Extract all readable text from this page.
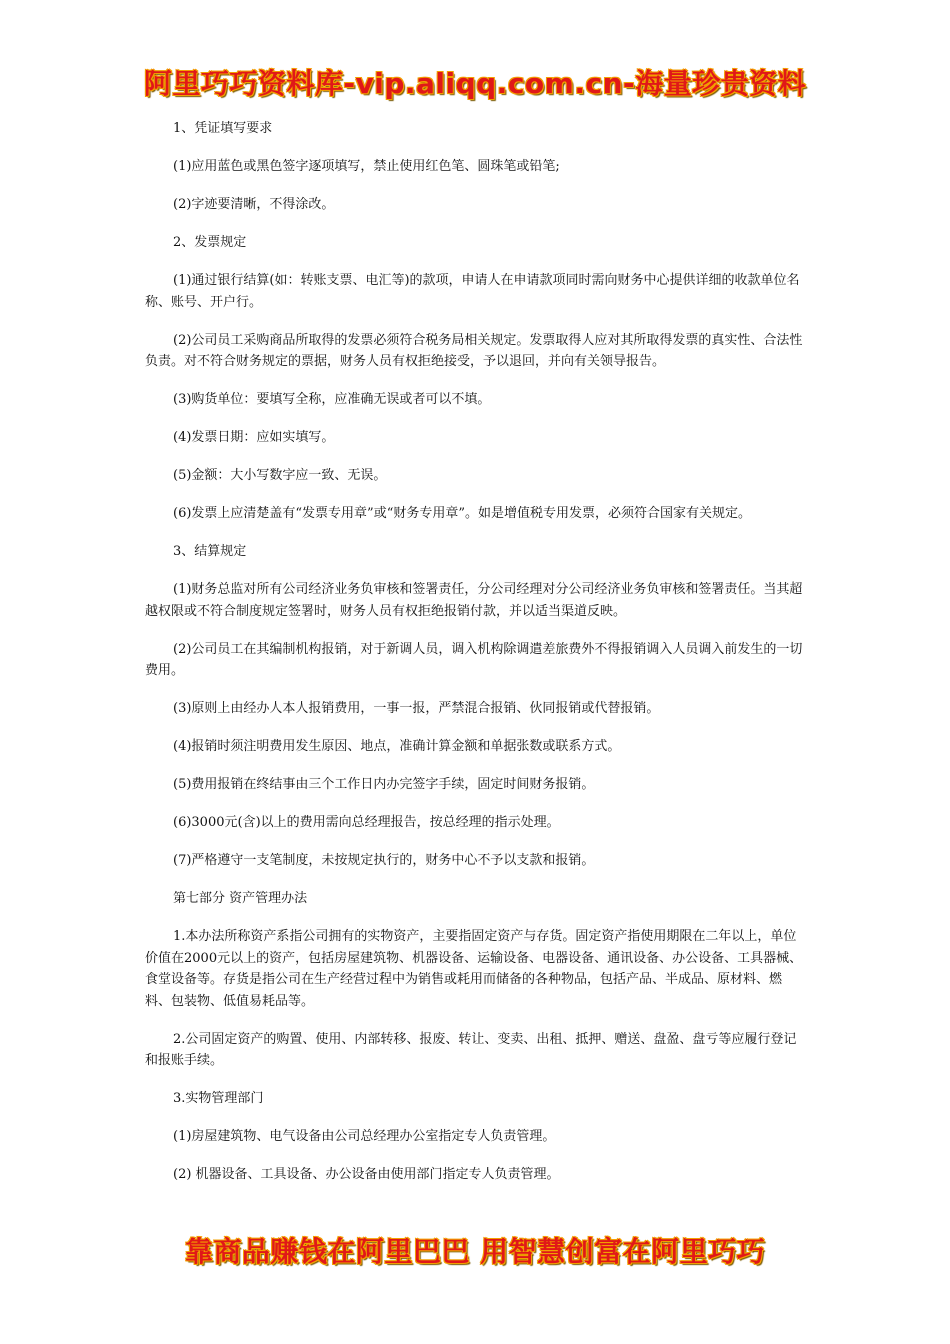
阿里巧巧资料库-vip.aliqq.com.cn-海量珍贵资料

1、凭证填写要求

(1)应用蓝色或黑色签字逐项填写，禁止使用红色笔、圆珠笔或铅笔;

(2)字迹要清晰，不得涂改。

2、发票规定

(1)通过银行结算(如：转账支票、电汇等)的款项，申请人在申请款项同时需向财务中心提供详细的收款单位名称、账号、开户行。

(2)公司员工采购商品所取得的发票必须符合税务局相关规定。发票取得人应对其所取得发票的真实性、合法性负责。对不符合财务规定的票据，财务人员有权拒绝接受，予以退回，并向有关领导报告。

(3)购货单位：要填写全称，应准确无误或者可以不填。

(4)发票日期：应如实填写。

(5)金额：大小写数字应一致、无误。

(6)发票上应清楚盖有“发票专用章”或“财务专用章”。如是增值税专用发票，必须符合国家有关规定。

3、结算规定

(1)财务总监对所有公司经济业务负审核和签署责任，分公司经理对分公司经济业务负审核和签署责任。当其超越权限或不符合制度规定签署时，财务人员有权拒绝报销付款，并以适当渠道反映。

(2)公司员工在其编制机构报销，对于新调人员，调入机构除调遣差旅费外不得报销调入人员调入前发生的一切费用。

(3)原则上由经办人本人报销费用，一事一报，严禁混合报销、伙同报销或代替报销。

(4)报销时须注明费用发生原因、地点，准确计算金额和单据张数或联系方式。

(5)费用报销在终结事由三个工作日内办完签字手续，固定时间财务报销。

(6)3000元(含)以上的费用需向总经理报告，按总经理的指示处理。

(7)严格遵守一支笔制度，未按规定执行的，财务中心不予以支款和报销。

第七部分 资产管理办法

1.本办法所称资产系指公司拥有的实物资产，主要指固定资产与存货。固定资产指使用期限在二年以上，单位价值在2000元以上的资产，包括房屋建筑物、机器设备、运输设备、电器设备、通讯设备、办公设备、工具器械、食堂设备等。存货是指公司在生产经营过程中为销售或耗用而储备的各种物品，包括产品、半成品、原材料、燃料、包装物、低值易耗品等。

2.公司固定资产的购置、使用、内部转移、报废、转让、变卖、出租、抵押、赠送、盘盈、盘亏等应履行登记和报账手续。

3.实物管理部门

(1)房屋建筑物、电气设备由公司总经理办公室指定专人负责管理。

(2) 机器设备、工具设备、办公设备由使用部门指定专人负责管理。

靠商品赚钱在阿里巴巴 用智慧创富在阿里巧巧
